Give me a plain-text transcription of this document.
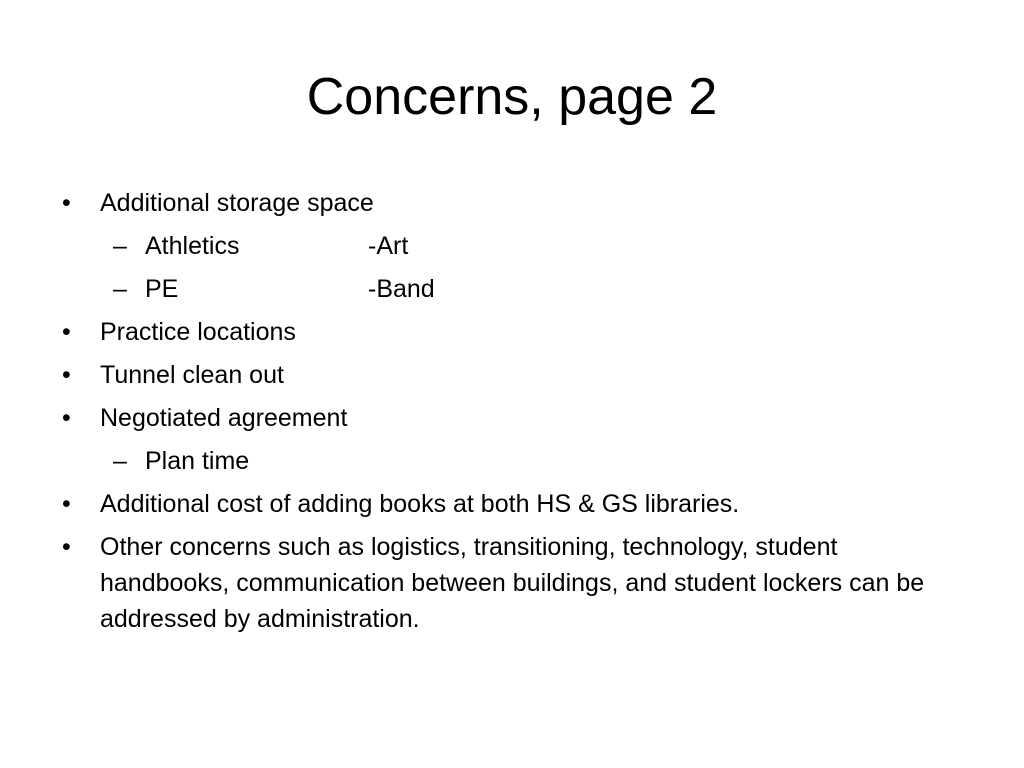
Concerns, page 2
• Additional storage space
– Athletics	-Art
– PE	-Band
• Practice locations
• Tunnel clean out
• Negotiated agreement
– Plan time
• Additional cost of adding books at both HS & GS libraries.
• Other concerns such as logistics, transitioning, technology, student handbooks, communication between buildings, and student lockers can be addressed by administration.
